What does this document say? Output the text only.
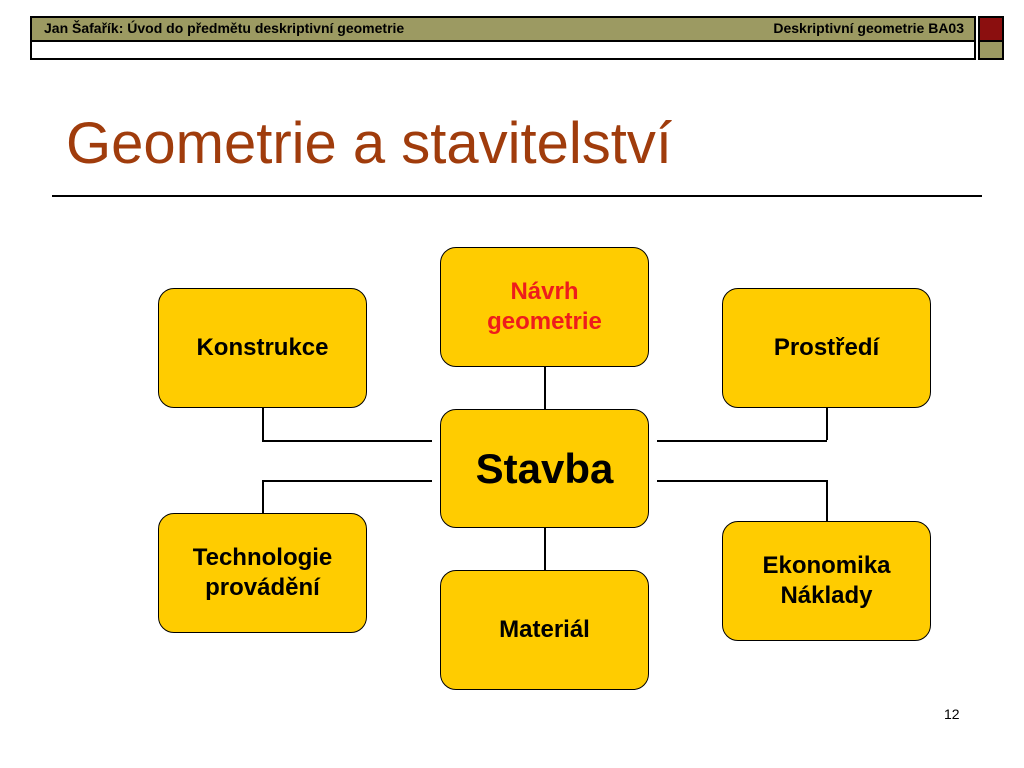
Jan Šafařík: Úvod do předmětu deskriptivní geometrie	Deskriptivní geometrie BA03
Geometrie a stavitelství
Návrh
geometrie
Konstrukce	Prostředí
Stavba
Technologie
provádění
Materiál
Ekonomika
Náklady
12
